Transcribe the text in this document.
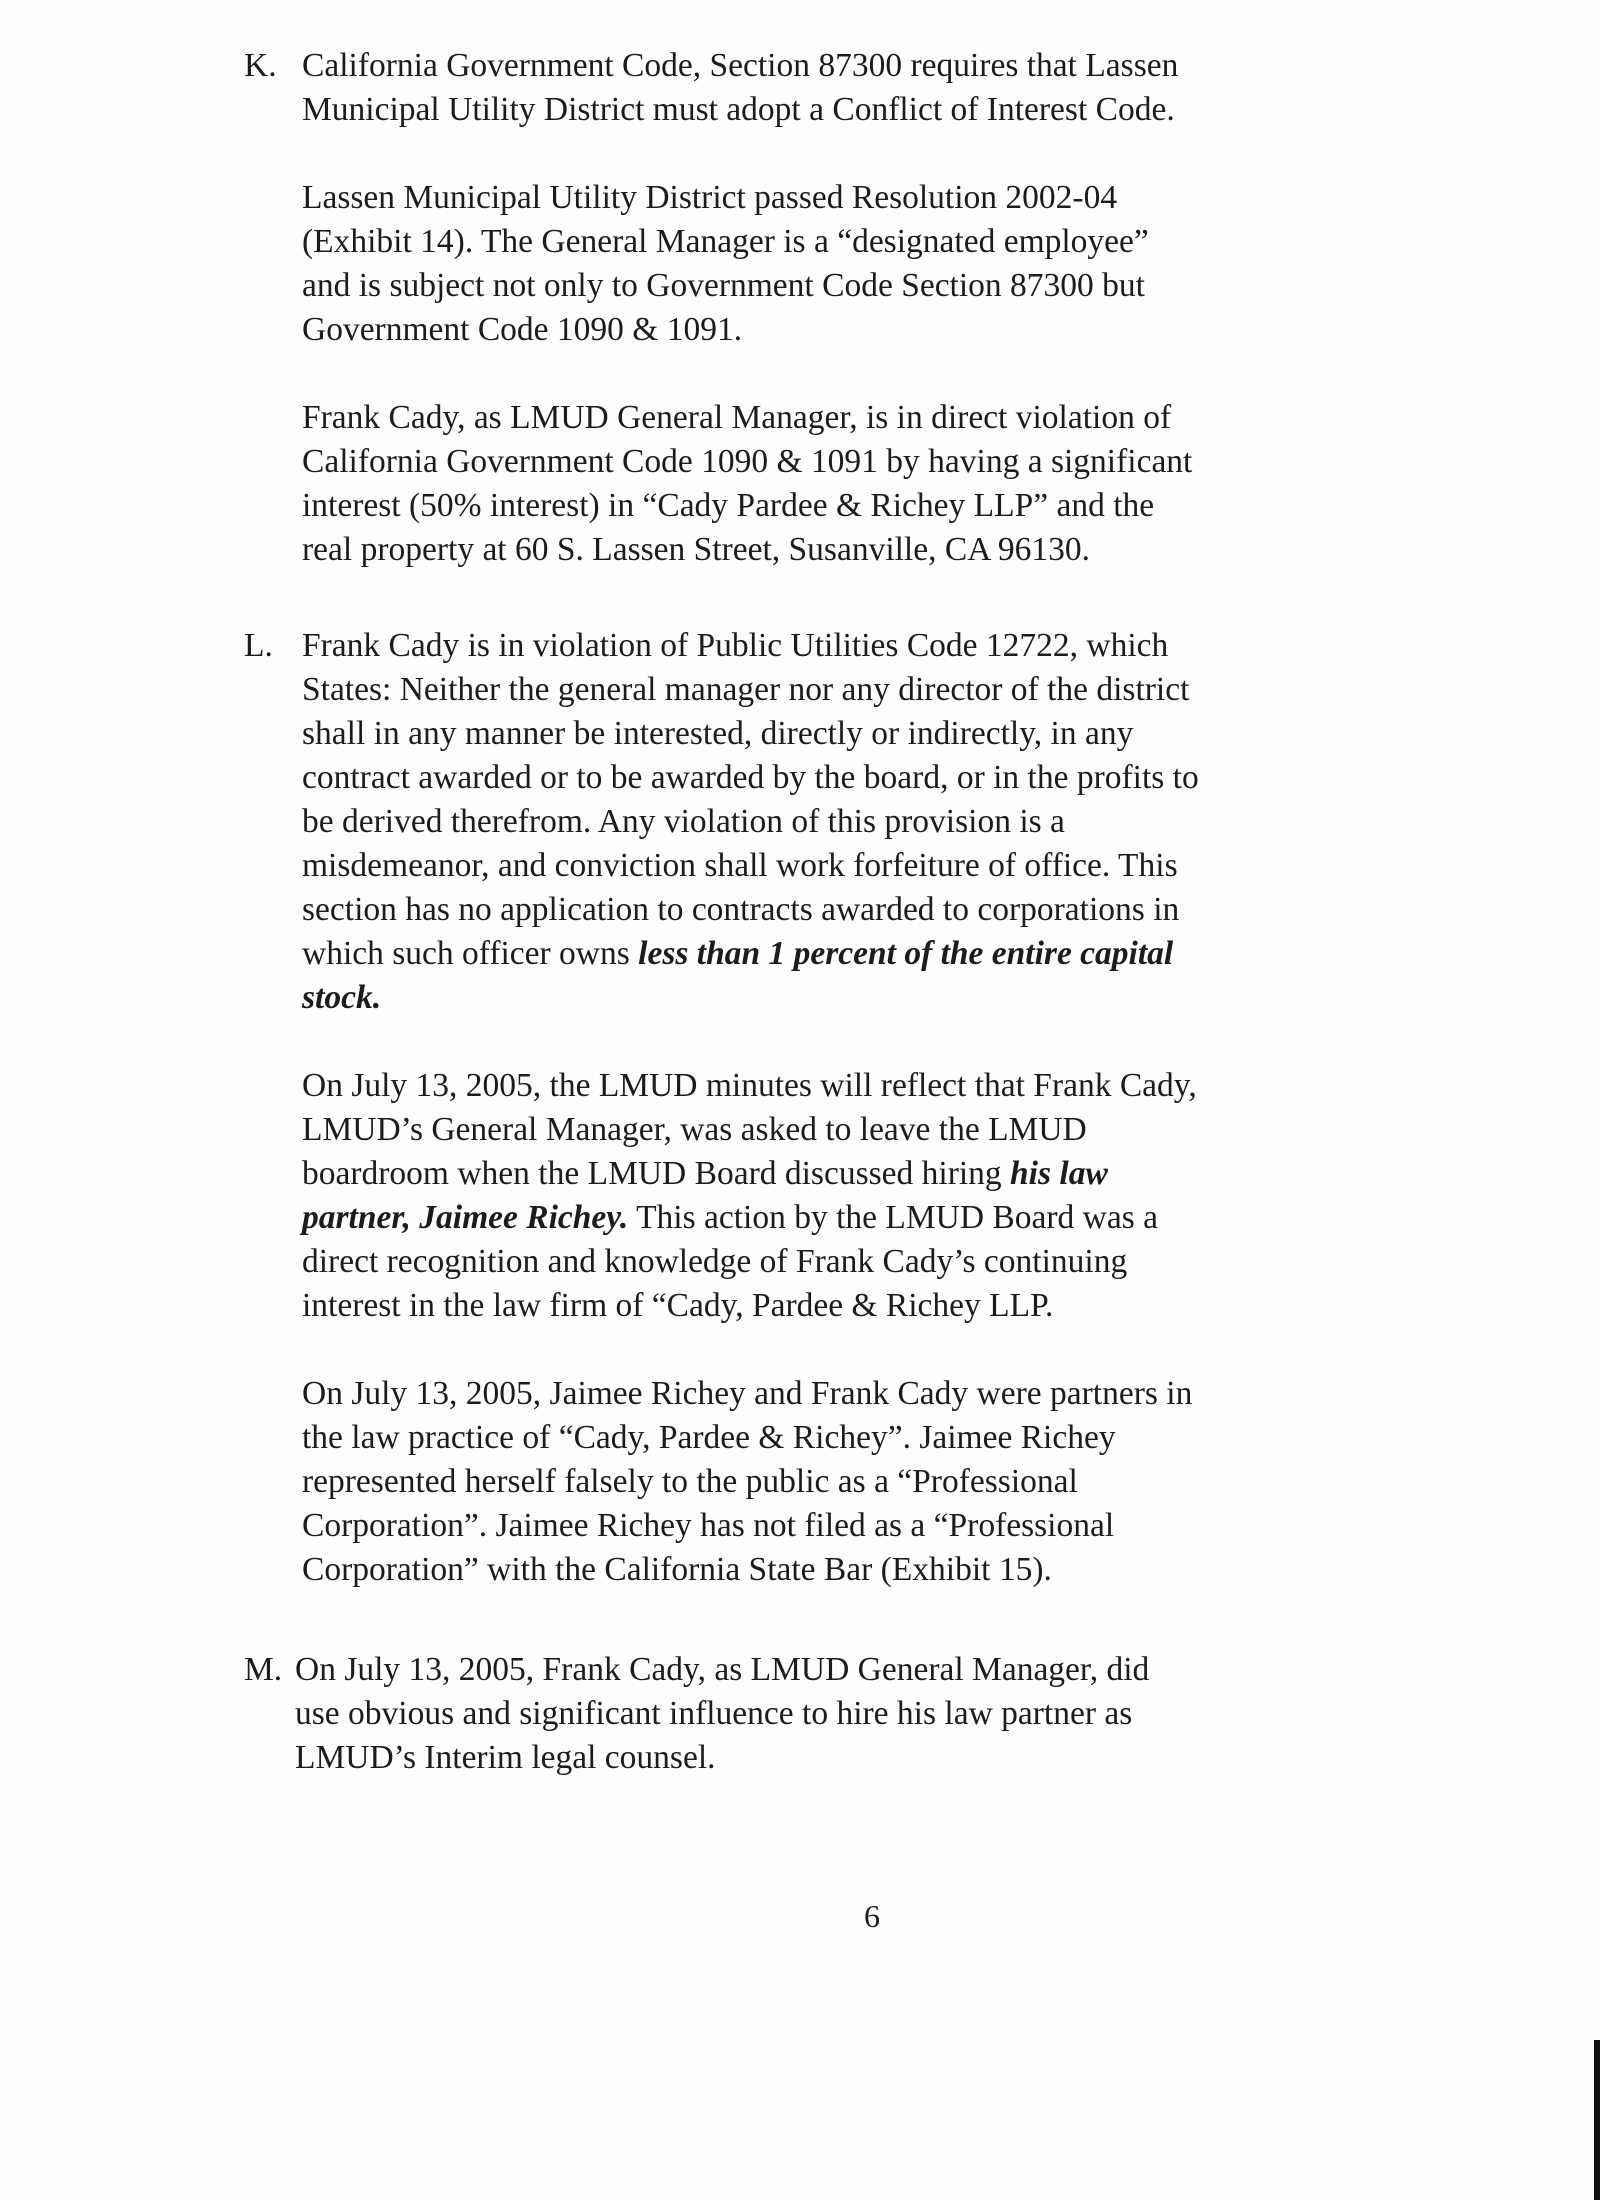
K. California Government Code, Section 87300 requires that Lassen
Municipal Utility District must adopt a Conflict of Interest Code.

Lassen Municipal Utility District passed Resolution 2002-04
(Exhibit 14). The General Manager is a “designated employee”
and is subject not only to Government Code Section 87300 but
Government Code 1090 & 1091.

Frank Cady, as LMUD General Manager, is in direct violation of
California Government Code 1090 & 1091 by having a significant
interest (50% interest) in “Cady Pardee & Richey LLP” and the
real property at 60 S. Lassen Street, Susanville, CA 96130.

L. Frank Cady is in violation of Public Utilities Code 12722, which
States: Neither the general manager nor any director of the district
shall in any manner be interested, directly or indirectly, in any
contract awarded or to be awarded by the board, or in the profits to
be derived therefrom. Any violation of this provision is a
misdemeanor, and conviction shall work forfeiture of office. This
section has no application to contracts awarded to corporations in
which such officer owns less than 1 percent of the entire capital
stock.

On July 13, 2005, the LMUD minutes will reflect that Frank Cady,
LMUD’s General Manager, was asked to leave the LMUD
boardroom when the LMUD Board discussed hiring his law
partner, Jaimee Richey. This action by the LMUD Board was a
direct recognition and knowledge of Frank Cady’s continuing
interest in the law firm of “Cady, Pardee & Richey LLP.

On July 13, 2005, Jaimee Richey and Frank Cady were partners in
the law practice of “Cady, Pardee & Richey”. Jaimee Richey
represented herself falsely to the public as a “Professional
Corporation”. Jaimee Richey has not filed as a “Professional
Corporation” with the California State Bar (Exhibit 15).

M. On July 13, 2005, Frank Cady, as LMUD General Manager, did
use obvious and significant influence to hire his law partner as
LMUD’s Interim legal counsel.

6
